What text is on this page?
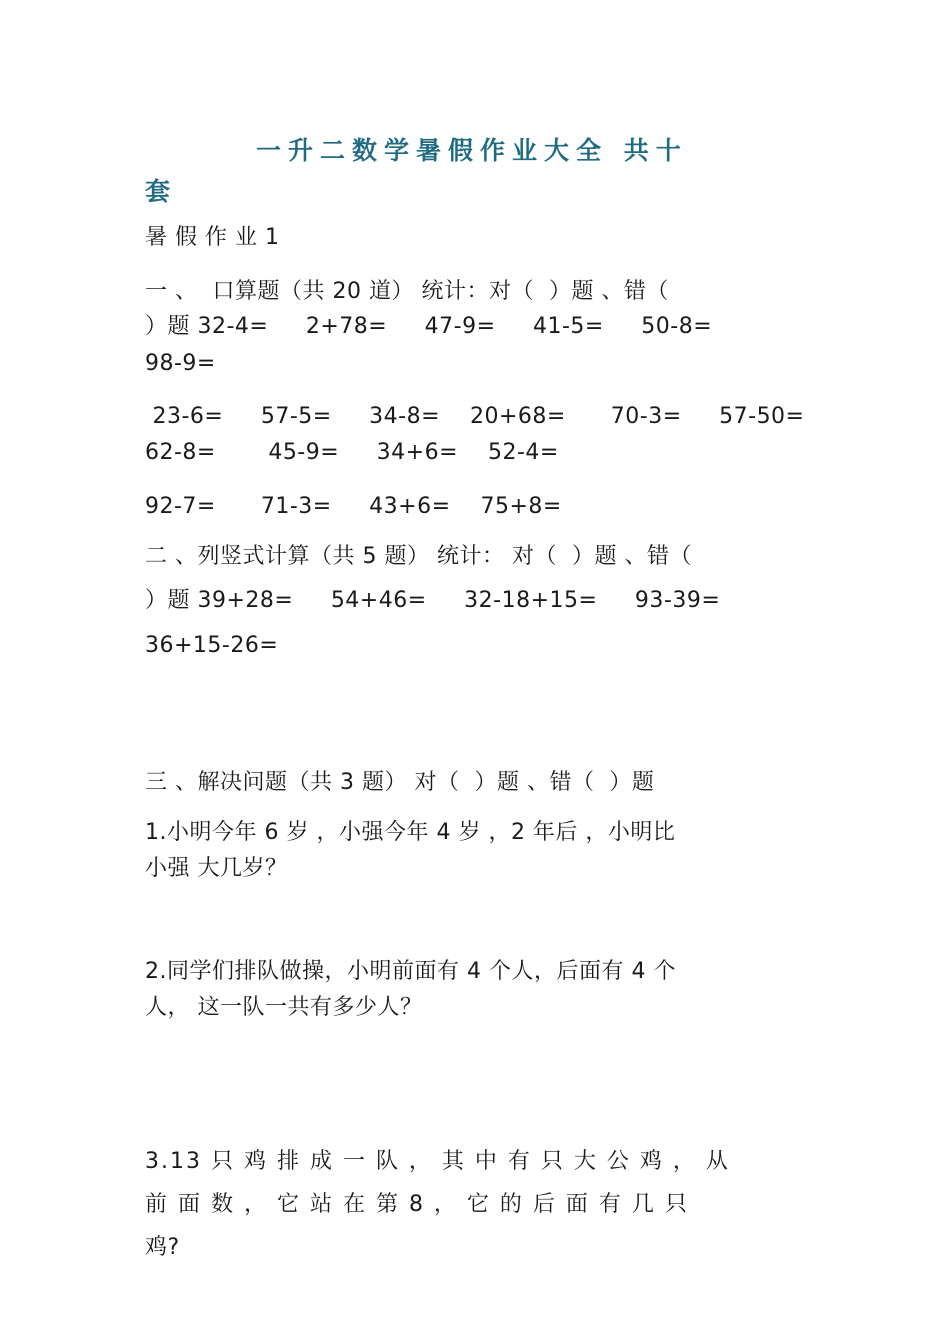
一升二数学暑假作业大全 共十
套
暑 假 作 业 1
一 、  口算题（共 20 道） 统计：对（  ）题 、错（
）题 32-4=     2+78=     47-9=     41-5=     50-8=
98-9=
23-6=     57-5=     34-8=    20+68=      70-3=     57-50=
62-8=       45-9=     34+6=    52-4=
92-7=      71-3=     43+6=    75+8=
二 、列竖式计算（共 5 题） 统计： 对（  ）题 、错（
）题 39+28=     54+46=     32-18+15=     93-39=
36+15-26=
三 、解决问题（共 3 题） 对（  ）题 、错（  ）题
1.小明今年 6 岁 ，小强今年 4 岁 ，2 年后 ，小明比
小强 大几岁？
2.同学们排队做操，小明前面有 4 个人，后面有 4 个
人， 这一队一共有多少人？
3.13 只 鸡 排 成 一 队 ， 其 中 有 只 大 公 鸡 ， 从
前 面 数 ， 它 站 在 第 8 ， 它 的 后 面 有 几 只
鸡?
